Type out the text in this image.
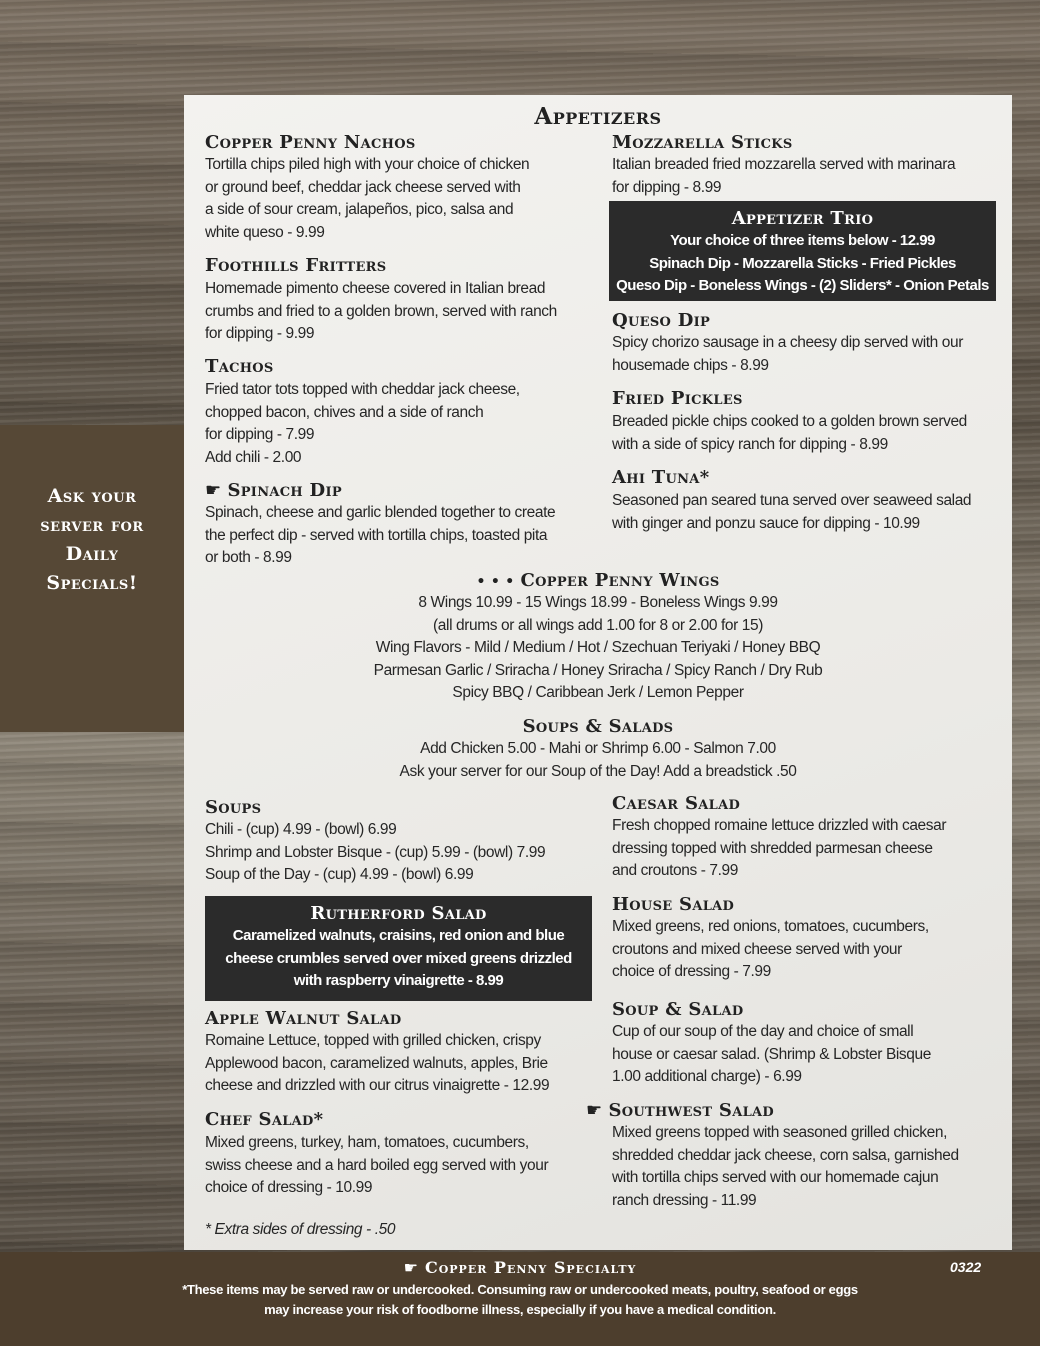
Ask your
server for
Daily
Specials!
Appetizers
Copper Penny Nachos
Tortilla chips piled high with your choice of chicken
or ground beef, cheddar jack cheese served with
a side of sour cream, jalapeños, pico, salsa and
white queso - 9.99
Foothills Fritters
Homemade pimento cheese covered in Italian bread
crumbs and fried to a golden brown, served with ranch
for dipping - 9.99
Tachos
Fried tator tots topped with cheddar jack cheese,
chopped bacon, chives and a side of ranch
for dipping - 7.99
Add chili - 2.00
☛ Spinach Dip
Spinach, cheese and garlic blended together to create
the perfect dip - served with tortilla chips, toasted pita
or both - 8.99
Mozzarella Sticks
Italian breaded fried mozzarella served with marinara
for dipping - 8.99
Appetizer Trio
Your choice of three items below - 12.99
Spinach Dip - Mozzarella Sticks - Fried Pickles
Queso Dip - Boneless Wings - (2) Sliders* - Onion Petals
Queso Dip
Spicy chorizo sausage in a cheesy dip served with our
housemade chips - 8.99
Fried Pickles
Breaded pickle chips cooked to a golden brown served
with a side of spicy ranch for dipping - 8.99
Ahi Tuna*
Seasoned pan seared tuna served over seaweed salad
with ginger and ponzu sauce for dipping - 10.99
• • • Copper Penny Wings
8 Wings 10.99 - 15 Wings 18.99 - Boneless Wings 9.99
(all drums or all wings add 1.00 for 8 or 2.00 for 15)
Wing Flavors - Mild / Medium / Hot / Szechuan Teriyaki / Honey BBQ
Parmesan Garlic / Sriracha / Honey Sriracha / Spicy Ranch / Dry Rub
Spicy BBQ / Caribbean Jerk / Lemon Pepper
Soups & Salads
Add Chicken 5.00 - Mahi or Shrimp 6.00 - Salmon 7.00
Ask your server for our Soup of the Day! Add a breadstick .50
Soups
Chili - (cup) 4.99 - (bowl) 6.99
Shrimp and Lobster Bisque - (cup) 5.99 - (bowl) 7.99
Soup of the Day - (cup) 4.99 - (bowl) 6.99
Rutherford Salad
Caramelized walnuts, craisins, red onion and blue
cheese crumbles served over mixed greens drizzled
with raspberry vinaigrette - 8.99
Apple Walnut Salad
Romaine Lettuce, topped with grilled chicken, crispy
Applewood bacon, caramelized walnuts, apples, Brie
cheese and drizzled with our citrus vinaigrette - 12.99
Chef Salad*
Mixed greens, turkey, ham, tomatoes, cucumbers,
swiss cheese and a hard boiled egg served with your
choice of dressing - 10.99
* Extra sides of dressing - .50
Caesar Salad
Fresh chopped romaine lettuce drizzled with caesar
dressing topped with shredded parmesan cheese
and croutons - 7.99
House Salad
Mixed greens, red onions, tomatoes, cucumbers,
croutons and mixed cheese served with your
choice of dressing - 7.99
Soup & Salad
Cup of our soup of the day and choice of small
house or caesar salad. (Shrimp & Lobster Bisque
1.00 additional charge) - 6.99
☛ Southwest Salad
Mixed greens topped with seasoned grilled chicken,
shredded cheddar jack cheese, corn salsa, garnished
with tortilla chips served with our homemade cajun
ranch dressing - 11.99
☛ Copper Penny Specialty	0322
*These items may be served raw or undercooked. Consuming raw or undercooked meats, poultry, seafood or eggs
may increase your risk of foodborne illness, especially if you have a medical condition.
